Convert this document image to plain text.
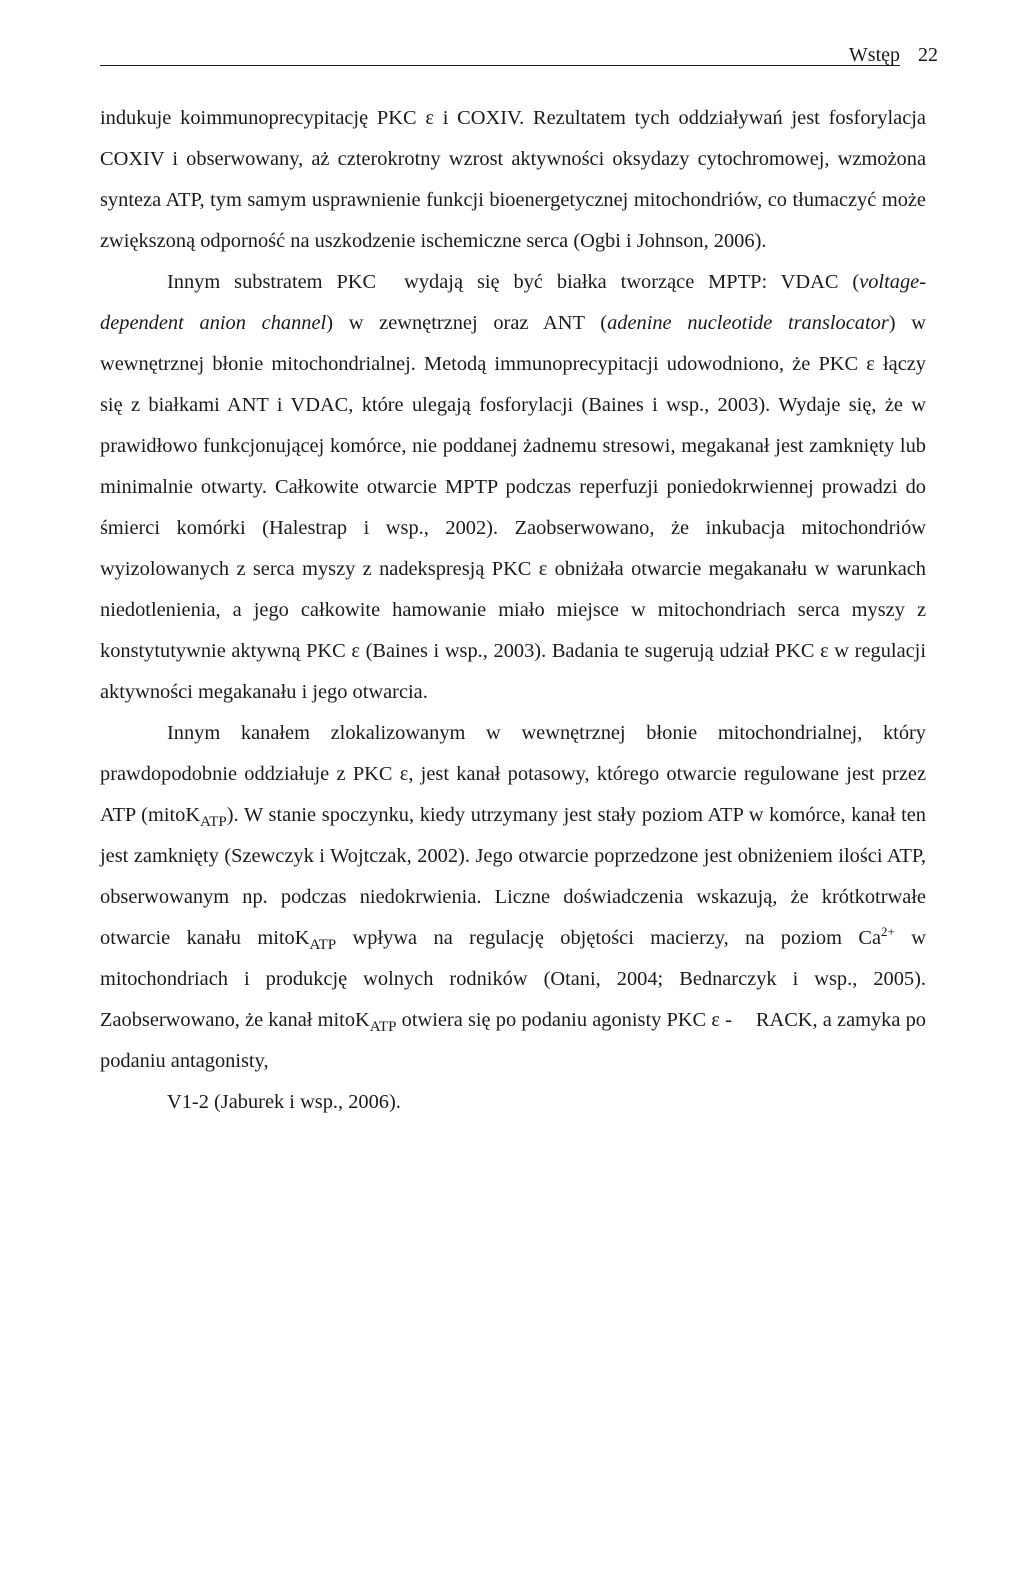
Wstęp 22

indukuje koimmunoprecypitację PKC ε i COXIV. Rezultatem tych oddziaływań jest fosforylacja COXIV i obserwowany, aż czterokrotny wzrost aktywności oksydazy cytochromowej, wzmożona synteza ATP, tym samym usprawnienie funkcji bioenergetycznej mitochondriów, co tłumaczyć może zwiększoną odporność na uszkodzenie ischemiczne serca (Ogbi i Johnson, 2006).

Innym substratem PKC wydają się być białka tworzące MPTP: VDAC (voltage-dependent anion channel) w zewnętrznej oraz ANT (adenine nucleotide translocator) w wewnętrznej błonie mitochondrialnej. Metodą immunoprecypitacji udowodniono, że PKC ε łączy się z białkami ANT i VDAC, które ulegają fosforylacji (Baines i wsp., 2003). Wydaje się, że w prawidłowo funkcjonującej komórce, nie poddanej żadnemu stresowi, megakanał jest zamknięty lub minimalnie otwarty. Całkowite otwarcie MPTP podczas reperfuzji poniedokrwiennej prowadzi do śmierci komórki (Halestrap i wsp., 2002). Zaobserwowano, że inkubacja mitochondriów wyizolowanych z serca myszy z nadekspresją PKC ε obniżała otwarcie megakanału w warunkach niedotlenienia, a jego całkowite hamowanie miało miejsce w mitochondriach serca myszy z konstytutywnie aktywną PKC ε (Baines i wsp., 2003). Badania te sugerują udział PKC ε w regulacji aktywności megakanału i jego otwarcia.

Innym kanałem zlokalizowanym w wewnętrznej błonie mitochondrialnej, który prawdopodobnie oddziałuje z PKC ε, jest kanał potasowy, którego otwarcie regulowane jest przez ATP (mitoK$_{ATP}$). W stanie spoczynku, kiedy utrzymany jest stały poziom ATP w komórce, kanał ten jest zamknięty (Szewczyk i Wojtczak, 2002). Jego otwarcie poprzedzone jest obniżeniem ilości ATP, obserwowanym np. podczas niedokrwienia. Liczne doświadczenia wskazują, że krótkotrwałe otwarcie kanału mitoK$_{ATP}$ wpływa na regulację objętości macierzy, na poziom $Ca^{2+}$ w mitochondriach i produkcję wolnych rodników (Otani, 2004; Bednarczyk i wsp., 2005). Zaobserwowano, że kanał mitoK$_{ATP}$ otwiera się po podaniu agonisty PKC ε - RACK, a zamyka po podaniu antagonisty,
V1-2 (Jaburek i wsp., 2006).
